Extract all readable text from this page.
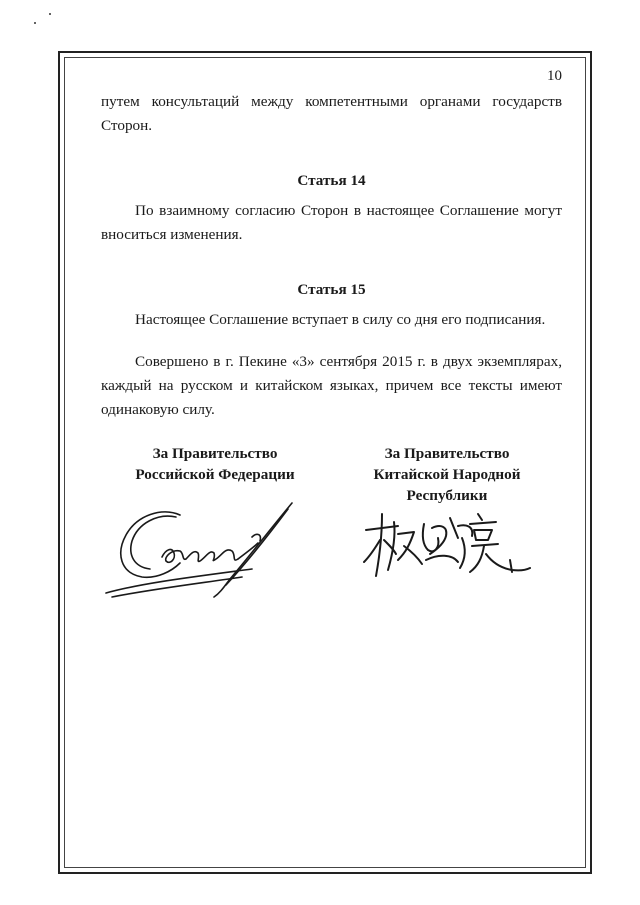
10

путем консультаций между компетентными органами государств

Сторон.

Статья 14

По взаимному согласию Сторон в настоящее Соглашение могут вноситься изменения.

Статья 15

Настоящее Соглашение вступает в силу со дня его подписания.

Совершено в г. Пекине «3» сентября 2015 г. в двух экземплярах, каждый на русском и китайском языках, причем все тексты имеют одинаковую силу.

За Правительство
Российской Федерации
За Правительство
Китайской Народной
Республики
